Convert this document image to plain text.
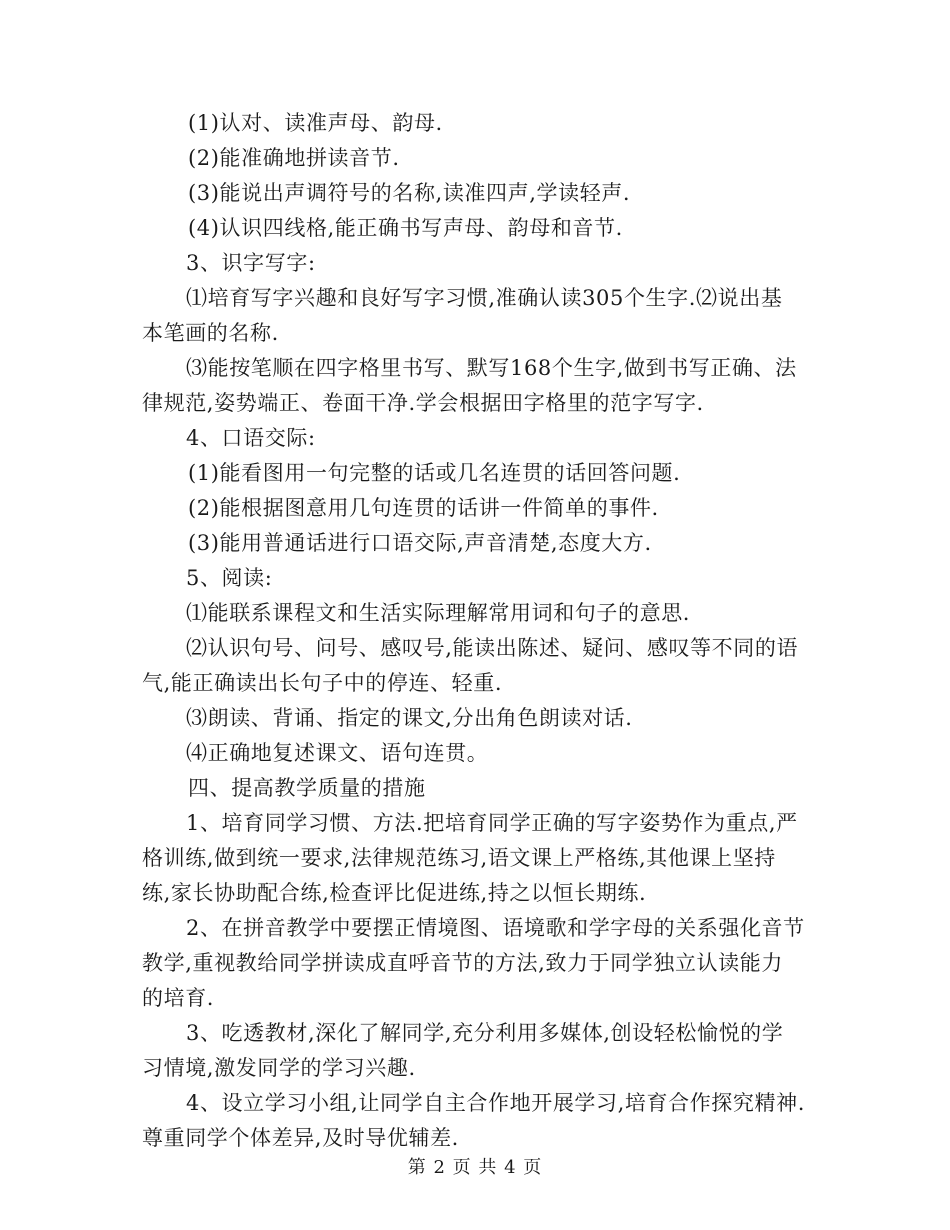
(1)认对、读准声母、韵母.
(2)能准确地拼读音节.
(3)能说出声调符号的名称,读准四声,学读轻声.
(4)认识四线格,能正确书写声母、韵母和音节.
3、识字写字:
⑴培育写字兴趣和良好写字习惯,准确认读305个生字.⑵说出基
本笔画的名称.
⑶能按笔顺在四字格里书写、默写168个生字,做到书写正确、法
律规范,姿势端正、卷面干净.学会根据田字格里的范字写字.
4、口语交际:
(1)能看图用一句完整的话或几名连贯的话回答问题.
(2)能根据图意用几句连贯的话讲一件简单的事件.
(3)能用普通话进行口语交际,声音清楚,态度大方.
5、阅读:
⑴能联系课程文和生活实际理解常用词和句子的意思.
⑵认识句号、问号、感叹号,能读出陈述、疑问、感叹等不同的语
气,能正确读出长句子中的停连、轻重.
⑶朗读、背诵、指定的课文,分出角色朗读对话.
⑷正确地复述课文、语句连贯。
四、提高教学质量的措施
1、培育同学习惯、方法.把培育同学正确的写字姿势作为重点,严
格训练,做到统一要求,法律规范练习,语文课上严格练,其他课上坚持
练,家长协助配合练,检查评比促进练,持之以恒长期练.
2、在拼音教学中要摆正情境图、语境歌和学字母的关系强化音节
教学,重视教给同学拼读成直呼音节的方法,致力于同学独立认读能力
的培育.
3、吃透教材,深化了解同学,充分利用多媒体,创设轻松愉悦的学
习情境,激发同学的学习兴趣.
4、设立学习小组,让同学自主合作地开展学习,培育合作探究精神.
尊重同学个体差异,及时导优辅差.
第 2 页 共 4 页
